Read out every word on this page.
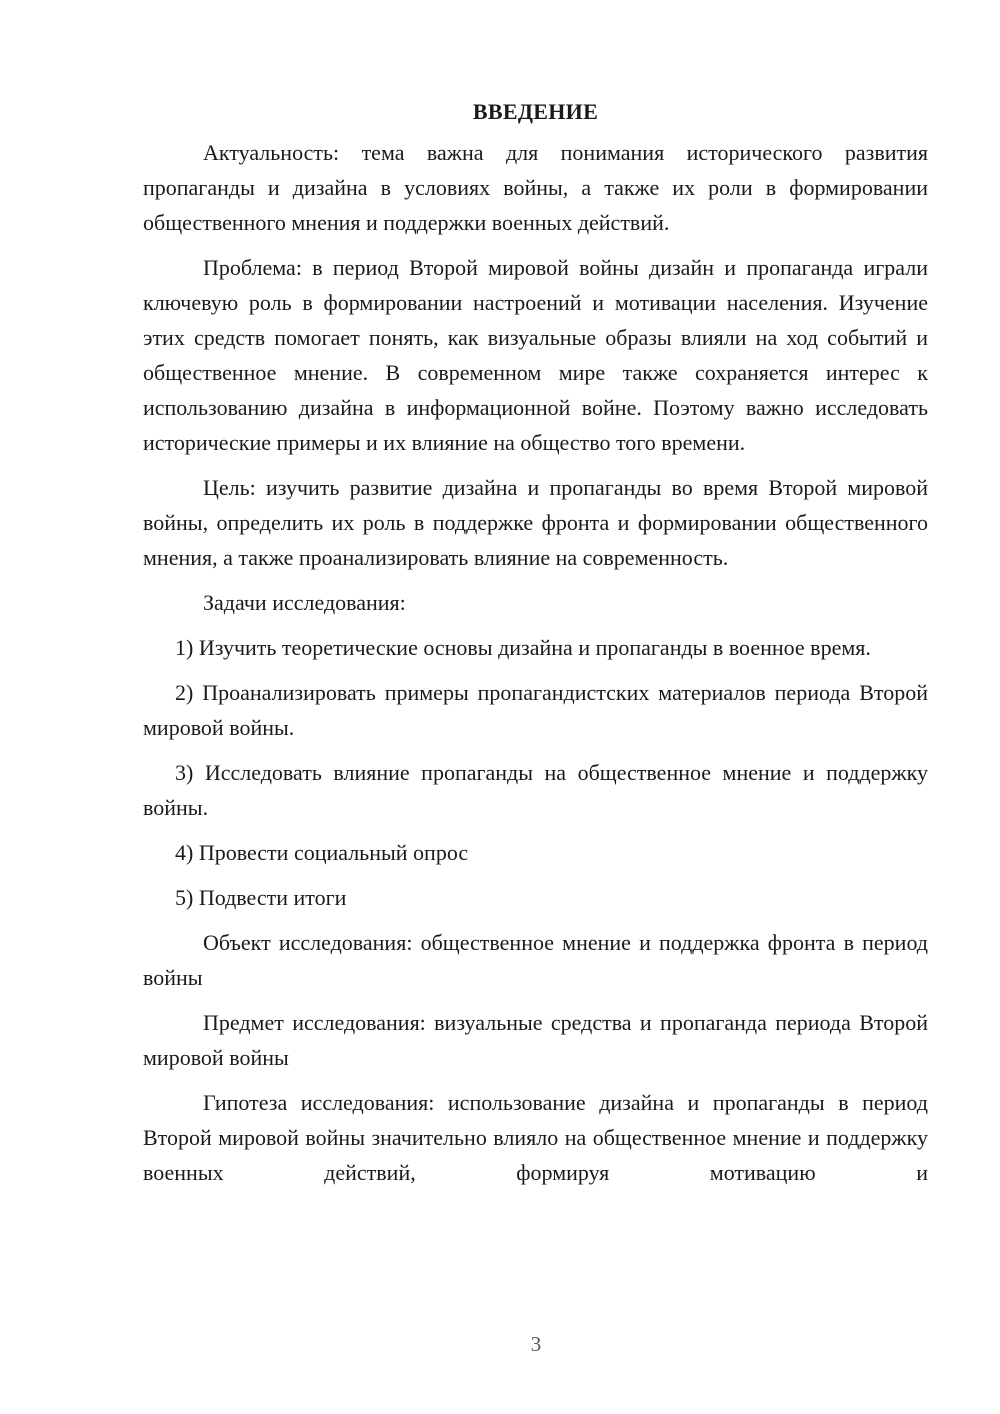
ВВЕДЕНИЕ

Актуальность: тема важна для понимания исторического развития пропаганды и дизайна в условиях войны, а также их роли в формировании общественного мнения и поддержки военных действий.

Проблема: в период Второй мировой войны дизайн и пропаганда играли ключевую роль в формировании настроений и мотивации населения. Изучение этих средств помогает понять, как визуальные образы влияли на ход событий и общественное мнение. В современном мире также сохраняется интерес к использованию дизайна в информационной войне. Поэтому важно исследовать исторические примеры и их влияние на общество того времени.

Цель: изучить развитие дизайна и пропаганды во время Второй мировой войны, определить их роль в поддержке фронта и формировании общественного мнения, а также проанализировать влияние на современность.

Задачи исследования:

1) Изучить теоретические основы дизайна и пропаганды в военное время.

2) Проанализировать примеры пропагандистских материалов периода Второй мировой войны.

3) Исследовать влияние пропаганды на общественное мнение и поддержку войны.

4) Провести социальный опрос

5) Подвести итоги

Объект исследования: общественное мнение и поддержка фронта в период войны

Предмет исследования: визуальные средства и пропаганда периода Второй мировой войны

Гипотеза исследования: использование дизайна и пропаганды в период Второй мировой войны значительно влияло на общественное мнение и поддержку военных действий, формируя мотивацию и

3
